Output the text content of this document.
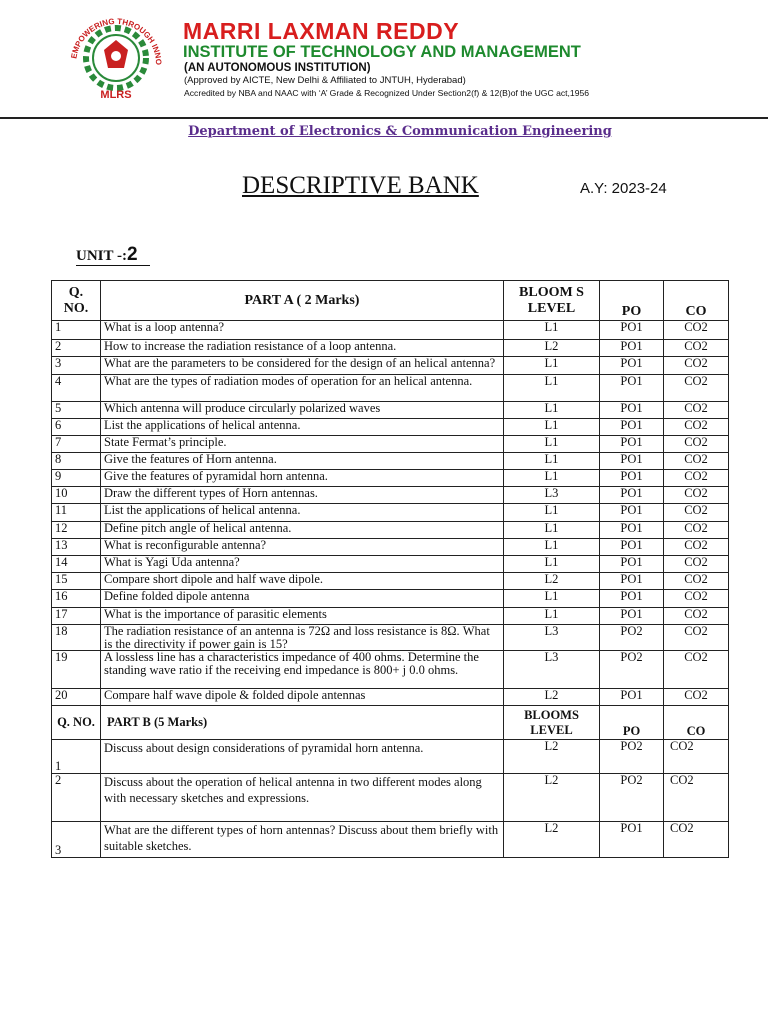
EMPOWERING THROUGH INNO
MLRS
MARRI LAXMAN REDDY
INSTITUTE OF TECHNOLOGY AND MANAGEMENT
(AN AUTONOMOUS INSTITUTION)
(Approved by AICTE, New Delhi & Affiliated to JNTUH, Hyderabad)
Accredited by NBA and NAAC with ‘A’ Grade & Recognized Under Section2(f) & 12(B)of the UGC act,1956
Department of Electronics & Communication Engineering
DESCRIPTIVE BANK	A.Y: 2023-24
UNIT -:2
Q. NO.	PART A ( 2 Marks)	BLOOM S LEVEL	PO	CO
1	What is a loop antenna?	L1	PO1	CO2
2	How to increase the radiation resistance of a loop antenna.	L2	PO1	CO2
3	What are the parameters to be considered for the design of an helical antenna?	L1	PO1	CO2
4	What are the types of radiation modes of operation for an helical antenna.	L1	PO1	CO2
5	Which antenna will produce circularly polarized waves	L1	PO1	CO2
6	List the applications of helical antenna.	L1	PO1	CO2
7	State Fermat’s principle.	L1	PO1	CO2
8	Give the features of Horn antenna.	L1	PO1	CO2
9	Give the features of pyramidal horn antenna.	L1	PO1	CO2
10	Draw the different types of Horn antennas.	L3	PO1	CO2
11	List the applications of helical antenna.	L1	PO1	CO2
12	Define pitch angle of helical antenna.	L1	PO1	CO2
13	What is reconfigurable antenna?	L1	PO1	CO2
14	What is Yagi Uda antenna?	L1	PO1	CO2
15	Compare short dipole and half wave dipole.	L2	PO1	CO2
16	Define folded dipole antenna	L1	PO1	CO2
17	What is the importance of parasitic elements	L1	PO1	CO2
18	The radiation resistance of an antenna is 72Ω and loss resistance is 8Ω. What is the directivity if power gain is 15?	L3	PO2	CO2
19	A lossless line has a characteristics impedance of 400 ohms. Determine the standing wave ratio if the receiving end impedance is 800+ j 0.0 ohms.	L3	PO2	CO2
20	Compare half wave dipole & folded dipole antennas	L2	PO1	CO2
Q. NO.	PART B (5 Marks)	BLOOMS LEVEL	PO	CO
1	Discuss about design considerations of pyramidal horn antenna.	L2	PO2	CO2
2	Discuss about the operation of helical antenna in two different modes along with necessary sketches and expressions.	L2	PO2	CO2
3	What are the different types of horn antennas? Discuss about them briefly with suitable sketches.	L2	PO1	CO2
